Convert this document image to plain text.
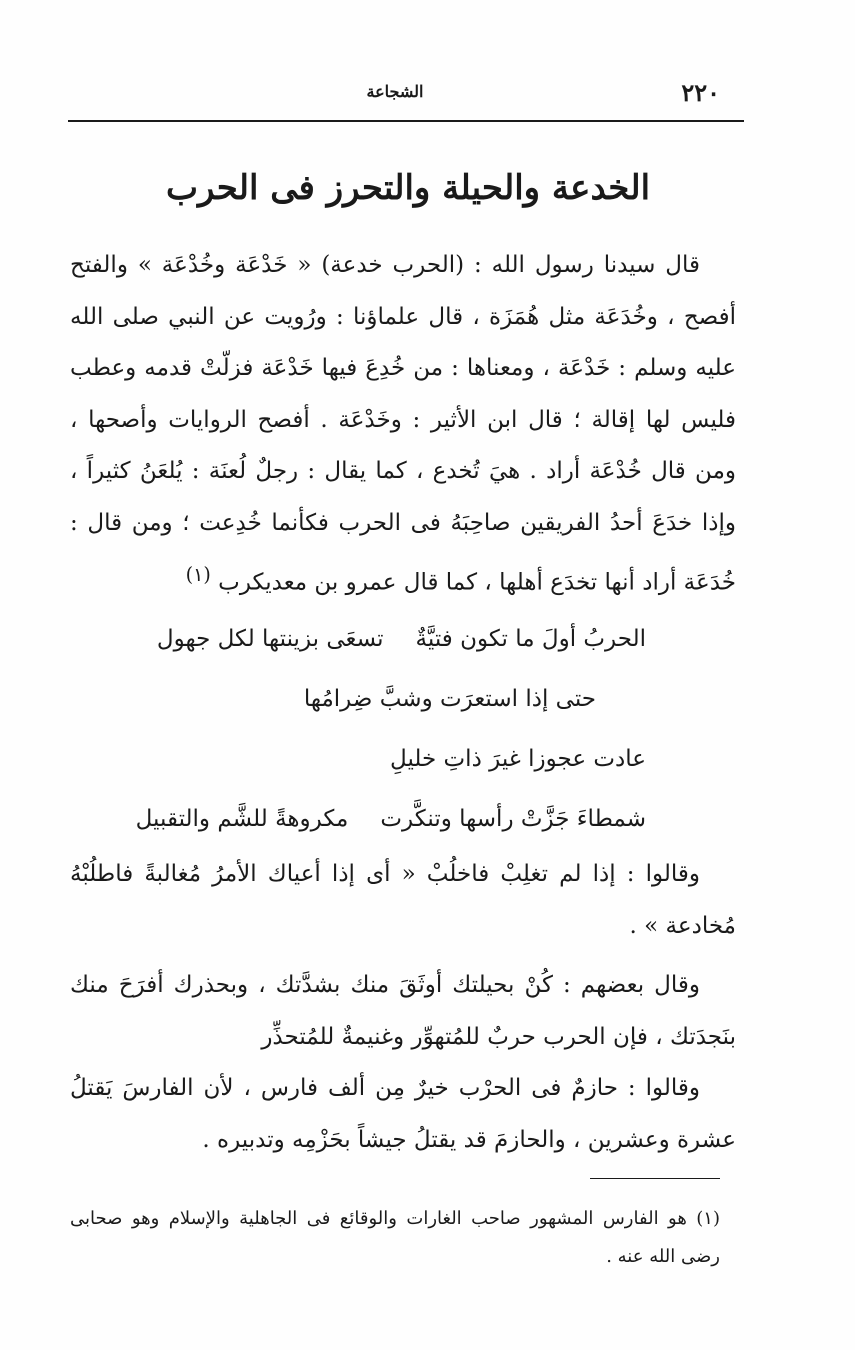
٢٢٠
الشجاعة
الخدعة والحيلة والتحرز فى الحرب

قال سيدنا رسول الله : (الحرب خدعة) « خَدْعَة وخُدْعَة » والفتح أفصح ، وخُدَعَة مثل هُمَزَة ، قال علماؤنا : ورُويت عن النبي صلى الله عليه وسلم : خَدْعَة ، ومعناها : من خُدِعَ فيها خَدْعَة فزلّتْ قدمه وعطب فليس لها إقالة ؛ قال ابن الأثير : وخَدْعَة . أفصح الروايات وأصحها ، ومن قال خُدْعَة أراد . هيَ تُخدع ، كما يقال : رجلٌ لُعنَة : يُلعَنُ كثيراً ، وإذا خدَعَ أحدُ الفريقين صاحِبَهُ فى الحرب فكأنما خُدِعت ؛ ومن قال : خُدَعَة أراد أنها تخدَع أهلها ، كما قال عمرو بن معديكرب $^{(١)}$

الحربُ أولَ ما تكون فتيَّةٌتسعَى بزينتها لكل جهول

حتى إذا استعرَت وشبَّ ضِرامُها

عادت عجوزا غيرَ ذاتِ خليلِ

شمطاءَ جَزَّتْ رأسها وتنكَّرتمكروهةً للشَّم والتقبيل

وقالوا : إذا لم تغلِبْ فاخلُبْ « أى إذا أعياك الأمرُ مُغالبةً فاطلُبْهُ مُخادعة » .

وقال بعضهم : كُنْ بحيلتك أوثَقَ منك بشدَّتك ، وبحذرك أفرَحَ منك بنَجدَتك ، فإن الحرب حربٌ للمُتهوِّر وغنيمةٌ للمُتحذِّر

وقالوا : حازمٌ فى الحرْب خيرٌ مِن ألف فارس ، لأن الفارسَ يَقتلُ عشرة وعشرين ، والحازمَ قد يقتلُ جيشاً بحَزْمِه وتدبيره .

(١) هو الفارس المشهور صاحب الغارات والوقائع فى الجاهلية والإسلام وهو صحابى رضى الله عنه .
